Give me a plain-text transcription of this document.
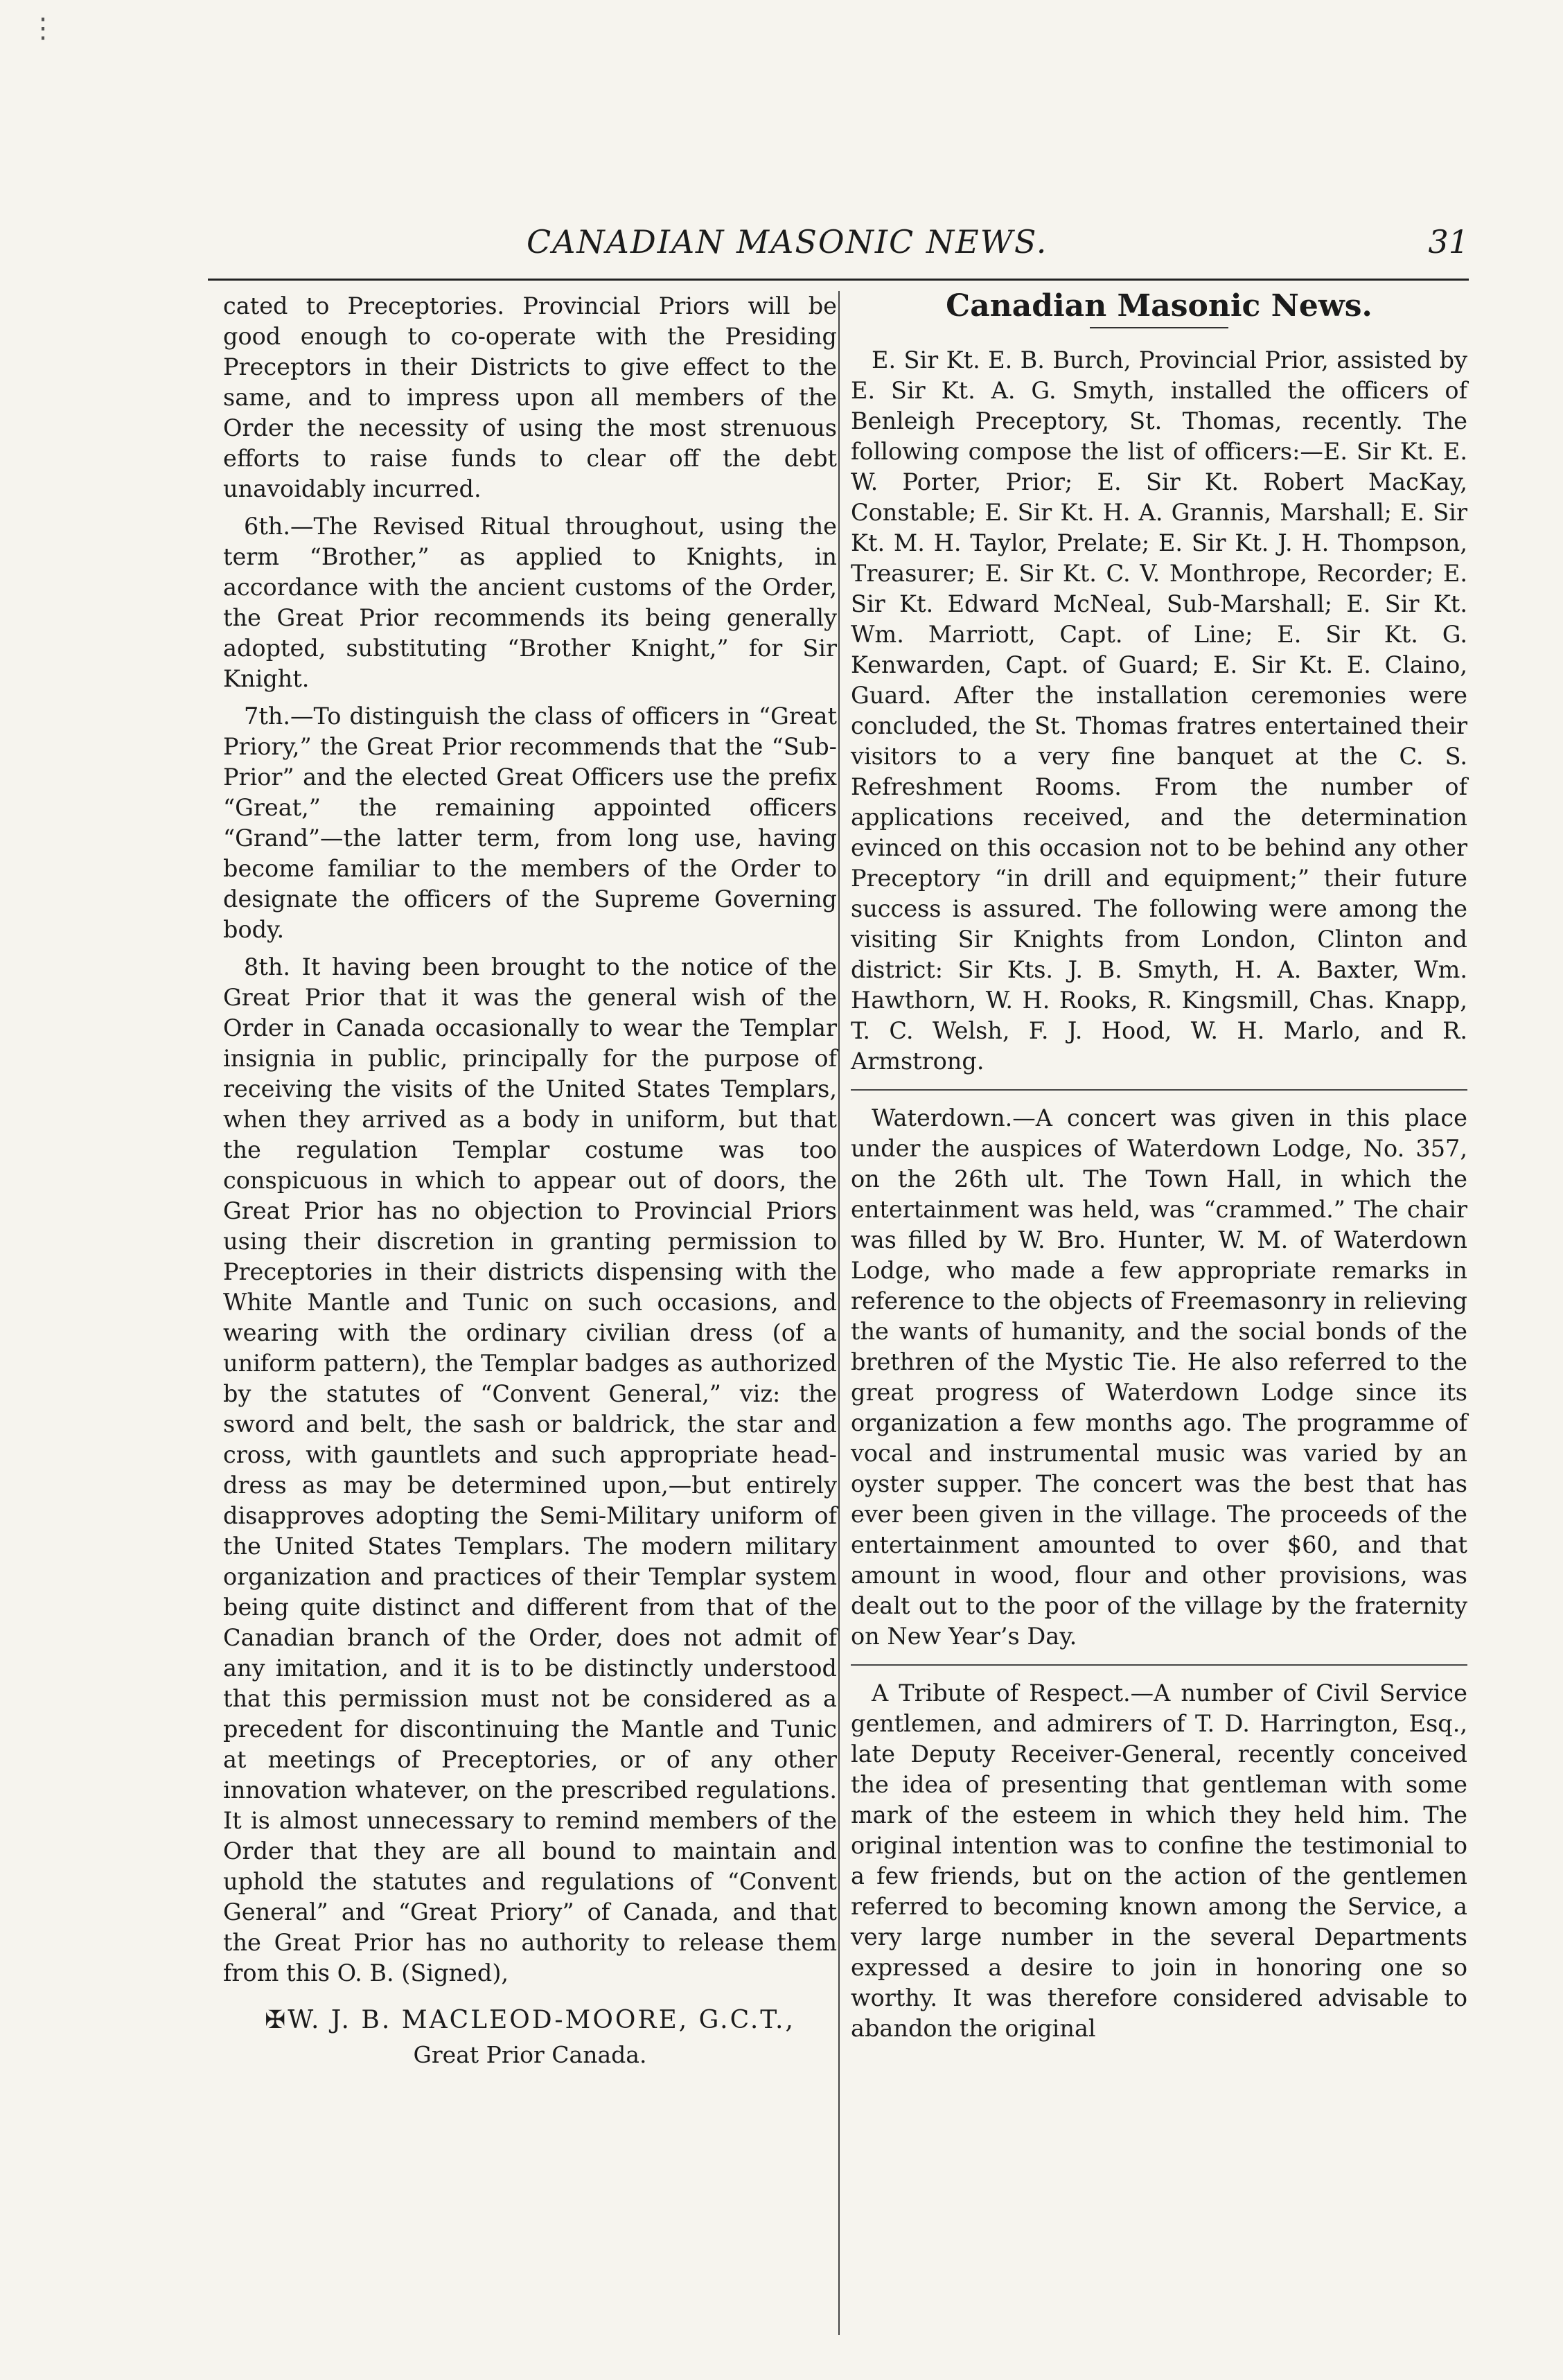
⋮
CANADIAN MASONIC NEWS.	31

cated to Preceptories. Provincial Priors will be good enough to co-operate with the Presiding Preceptors in their Districts to give effect to the same, and to impress upon all members of the Order the necessity of using the most strenuous efforts to raise funds to clear off the debt unavoidably incurred.

6th.—The Revised Ritual throughout, using the term “Brother,” as applied to Knights, in accordance with the ancient customs of the Order, the Great Prior recommends its being generally adopted, substituting “Brother Knight,” for Sir Knight.

7th.—To distinguish the class of officers in “Great Priory,” the Great Prior recommends that the “Sub-Prior” and the elected Great Officers use the prefix “Great,” the remaining appointed officers “Grand”—the latter term, from long use, having become familiar to the members of the Order to designate the officers of the Supreme Governing body.

8th. It having been brought to the notice of the Great Prior that it was the general wish of the Order in Canada occasionally to wear the Templar insignia in public, principally for the purpose of receiving the visits of the United States Templars, when they arrived as a body in uniform, but that the regulation Templar costume was too conspicuous in which to appear out of doors, the Great Prior has no objection to Provincial Priors using their discretion in granting permission to Preceptories in their districts dispensing with the White Mantle and Tunic on such occasions, and wearing with the ordinary civilian dress (of a uniform pattern), the Templar badges as authorized by the statutes of “Convent General,” viz: the sword and belt, the sash or baldrick, the star and cross, with gauntlets and such appropriate head-dress as may be determined upon,—but entirely disapproves adopting the Semi-Military uniform of the United States Templars. The modern military organization and practices of their Templar system being quite distinct and different from that of the Canadian branch of the Order, does not admit of any imitation, and it is to be distinctly understood that this permission must not be considered as a precedent for discontinuing the Mantle and Tunic at meetings of Preceptories, or of any other innovation whatever, on the prescribed regulations. It is almost unnecessary to remind members of the Order that they are all bound to maintain and uphold the statutes and regulations of “Convent General” and “Great Priory” of Canada, and that the Great Prior has no authority to release them from this O. B. (Signed),

✠W. J. B. MACLEOD-MOORE, G.C.T.,
Great Prior Canada.
Canadian Masonic News.

E. Sir Kt. E. B. Burch, Provincial Prior, assisted by E. Sir Kt. A. G. Smyth, installed the officers of Benleigh Preceptory, St. Thomas, recently. The following compose the list of officers:—E. Sir Kt. E. W. Porter, Prior; E. Sir Kt. Robert MacKay, Constable; E. Sir Kt. H. A. Grannis, Marshall; E. Sir Kt. M. H. Taylor, Prelate; E. Sir Kt. J. H. Thompson, Treasurer; E. Sir Kt. C. V. Monthrope, Recorder; E. Sir Kt. Edward McNeal, Sub-Marshall; E. Sir Kt. Wm. Marriott, Capt. of Line; E. Sir Kt. G. Kenwarden, Capt. of Guard; E. Sir Kt. E. Claino, Guard. After the installation ceremonies were concluded, the St. Thomas fratres entertained their visitors to a very fine banquet at the C. S. Refreshment Rooms. From the number of applications received, and the determination evinced on this occasion not to be behind any other Preceptory “in drill and equipment;” their future success is assured. The following were among the visiting Sir Knights from London, Clinton and district: Sir Kts. J. B. Smyth, H. A. Baxter, Wm. Hawthorn, W. H. Rooks, R. Kingsmill, Chas. Knapp, T. C. Welsh, F. J. Hood, W. H. Marlo, and R. Armstrong.

Waterdown.—A concert was given in this place under the auspices of Waterdown Lodge, No. 357, on the 26th ult. The Town Hall, in which the entertainment was held, was “crammed.” The chair was filled by W. Bro. Hunter, W. M. of Waterdown Lodge, who made a few appropriate remarks in reference to the objects of Freemasonry in relieving the wants of humanity, and the social bonds of the brethren of the Mystic Tie. He also referred to the great progress of Waterdown Lodge since its organization a few months ago. The programme of vocal and instrumental music was varied by an oyster supper. The concert was the best that has ever been given in the village. The proceeds of the entertainment amounted to over $60, and that amount in wood, flour and other provisions, was dealt out to the poor of the village by the fraternity on New Year’s Day.

A Tribute of Respect.—A number of Civil Service gentlemen, and admirers of T. D. Harrington, Esq., late Deputy Receiver-General, recently conceived the idea of presenting that gentleman with some mark of the esteem in which they held him. The original intention was to confine the testimonial to a few friends, but on the action of the gentlemen referred to becoming known among the Service, a very large number in the several Departments expressed a desire to join in honoring one so worthy. It was therefore considered advisable to abandon the original
